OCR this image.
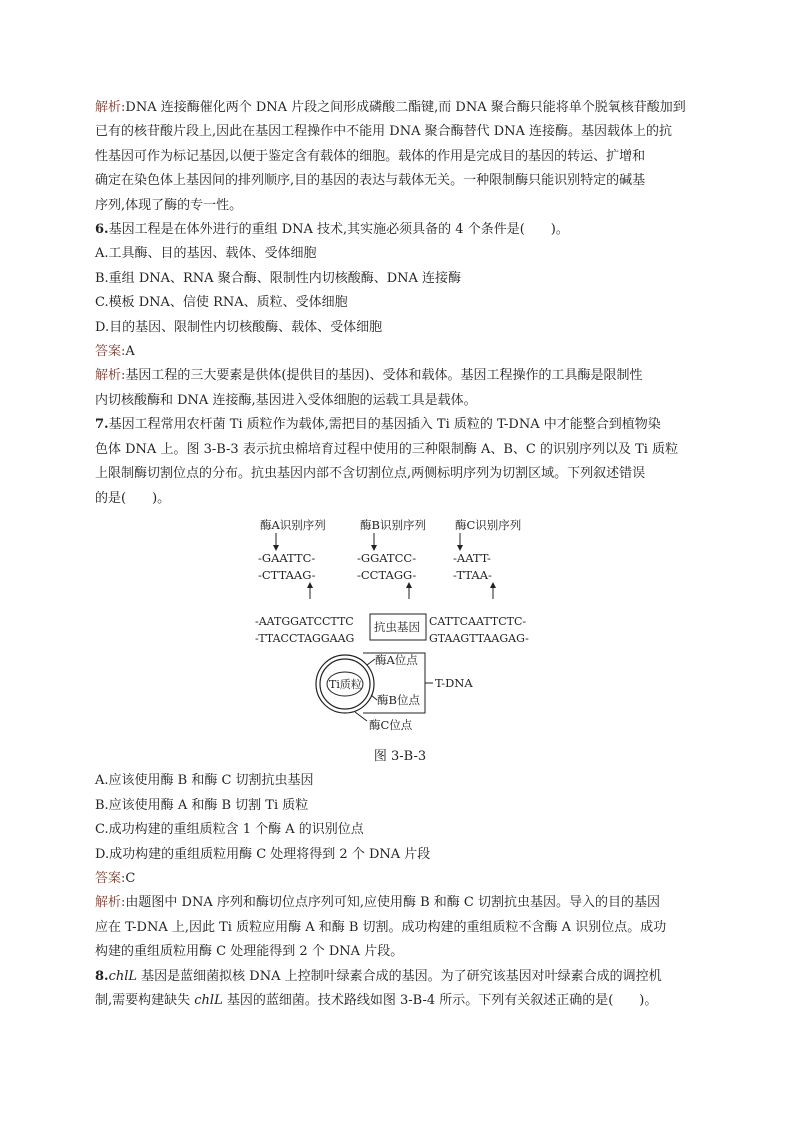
解析:DNA 连接酶催化两个 DNA 片段之间形成磷酸二酯键,而 DNA 聚合酶只能将单个脱氧核苷酸加到

已有的核苷酸片段上,因此在基因工程操作中不能用 DNA 聚合酶替代 DNA 连接酶。基因载体上的抗

性基因可作为标记基因,以便于鉴定含有载体的细胞。载体的作用是完成目的基因的转运、扩增和

确定在染色体上基因间的排列顺序,目的基因的表达与载体无关。一种限制酶只能识别特定的碱基

序列,体现了酶的专一性。

6.基因工程是在体外进行的重组 DNA 技术,其实施必须具备的 4 个条件是(　　)。

A.工具酶、目的基因、载体、受体细胞

B.重组 DNA、RNA 聚合酶、限制性内切核酸酶、DNA 连接酶

C.模板 DNA、信使 RNA、质粒、受体细胞

D.目的基因、限制性内切核酸酶、载体、受体细胞

答案:A

解析:基因工程的三大要素是供体(提供目的基因)、受体和载体。基因工程操作的工具酶是限制性

内切核酸酶和 DNA 连接酶,基因进入受体细胞的运载工具是载体。

7.基因工程常用农杆菌 Ti 质粒作为载体,需把目的基因插入 Ti 质粒的 T-DNA 中才能整合到植物染

色体 DNA 上。图 3-B-3 表示抗虫棉培育过程中使用的三种限制酶 A、B、C 的识别序列以及 Ti 质粒

上限制酶切割位点的分布。抗虫基因内部不含切割位点,两侧标明序列为切割区域。下列叙述错误

的是(　　)。

酶A识别序列
-GAATTC-
-CTTAAG-
酶B识别序列
-GGATCC-
-CCTAGG-
酶C识别序列
-AATT-
-TTAA-
-AATGGATCCTTC
-TTACCTAGGAAG
抗虫基因 CATTCAATTCTC-
GTAAGTTAAGAG-
Ti质粒
酶A位点
酶B位点
酶C位点
T-DNA

图 3-B-3

A.应该使用酶 B 和酶 C 切割抗虫基因

B.应该使用酶 A 和酶 B 切割 Ti 质粒

C.成功构建的重组质粒含 1 个酶 A 的识别位点

D.成功构建的重组质粒用酶 C 处理将得到 2 个 DNA 片段

答案:C

解析:由题图中 DNA 序列和酶切位点序列可知,应使用酶 B 和酶 C 切割抗虫基因。导入的目的基因

应在 T-DNA 上,因此 Ti 质粒应用酶 A 和酶 B 切割。成功构建的重组质粒不含酶 A 识别位点。成功

构建的重组质粒用酶 C 处理能得到 2 个 DNA 片段。

8.chlL 基因是蓝细菌拟核 DNA 上控制叶绿素合成的基因。为了研究该基因对叶绿素合成的调控机

制,需要构建缺失 chlL 基因的蓝细菌。技术路线如图 3-B-4 所示。下列有关叙述正确的是(　　)。
